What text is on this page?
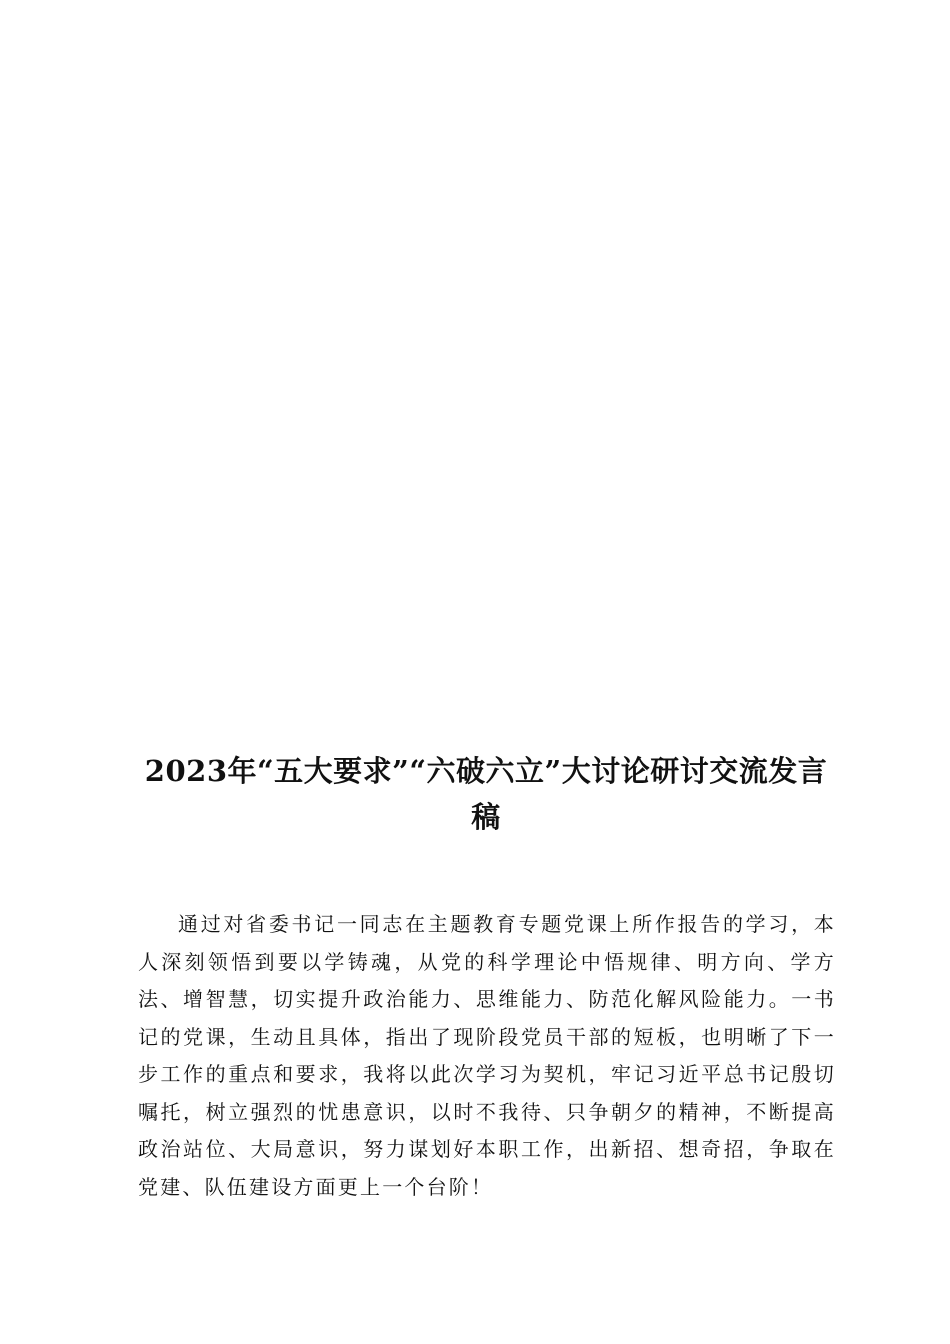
2023年“五大要求”“六破六立”大讨论研讨交流发言
稿

通过对省委书记一同志在主题教育专题党课上所作报告的学习，本人深刻领悟到要以学铸魂，从党的科学理论中悟规律、明方向、学方法、增智慧，切实提升政治能力、思维能力、防范化解风险能力。一书记的党课，生动且具体，指出了现阶段党员干部的短板，也明晰了下一步工作的重点和要求，我将以此次学习为契机，牢记习近平总书记殷切嘱托，树立强烈的忧患意识，以时不我待、只争朝夕的精神，不断提高政治站位、大局意识，努力谋划好本职工作，出新招、想奇招，争取在党建、队伍建设方面更上一个台阶！
